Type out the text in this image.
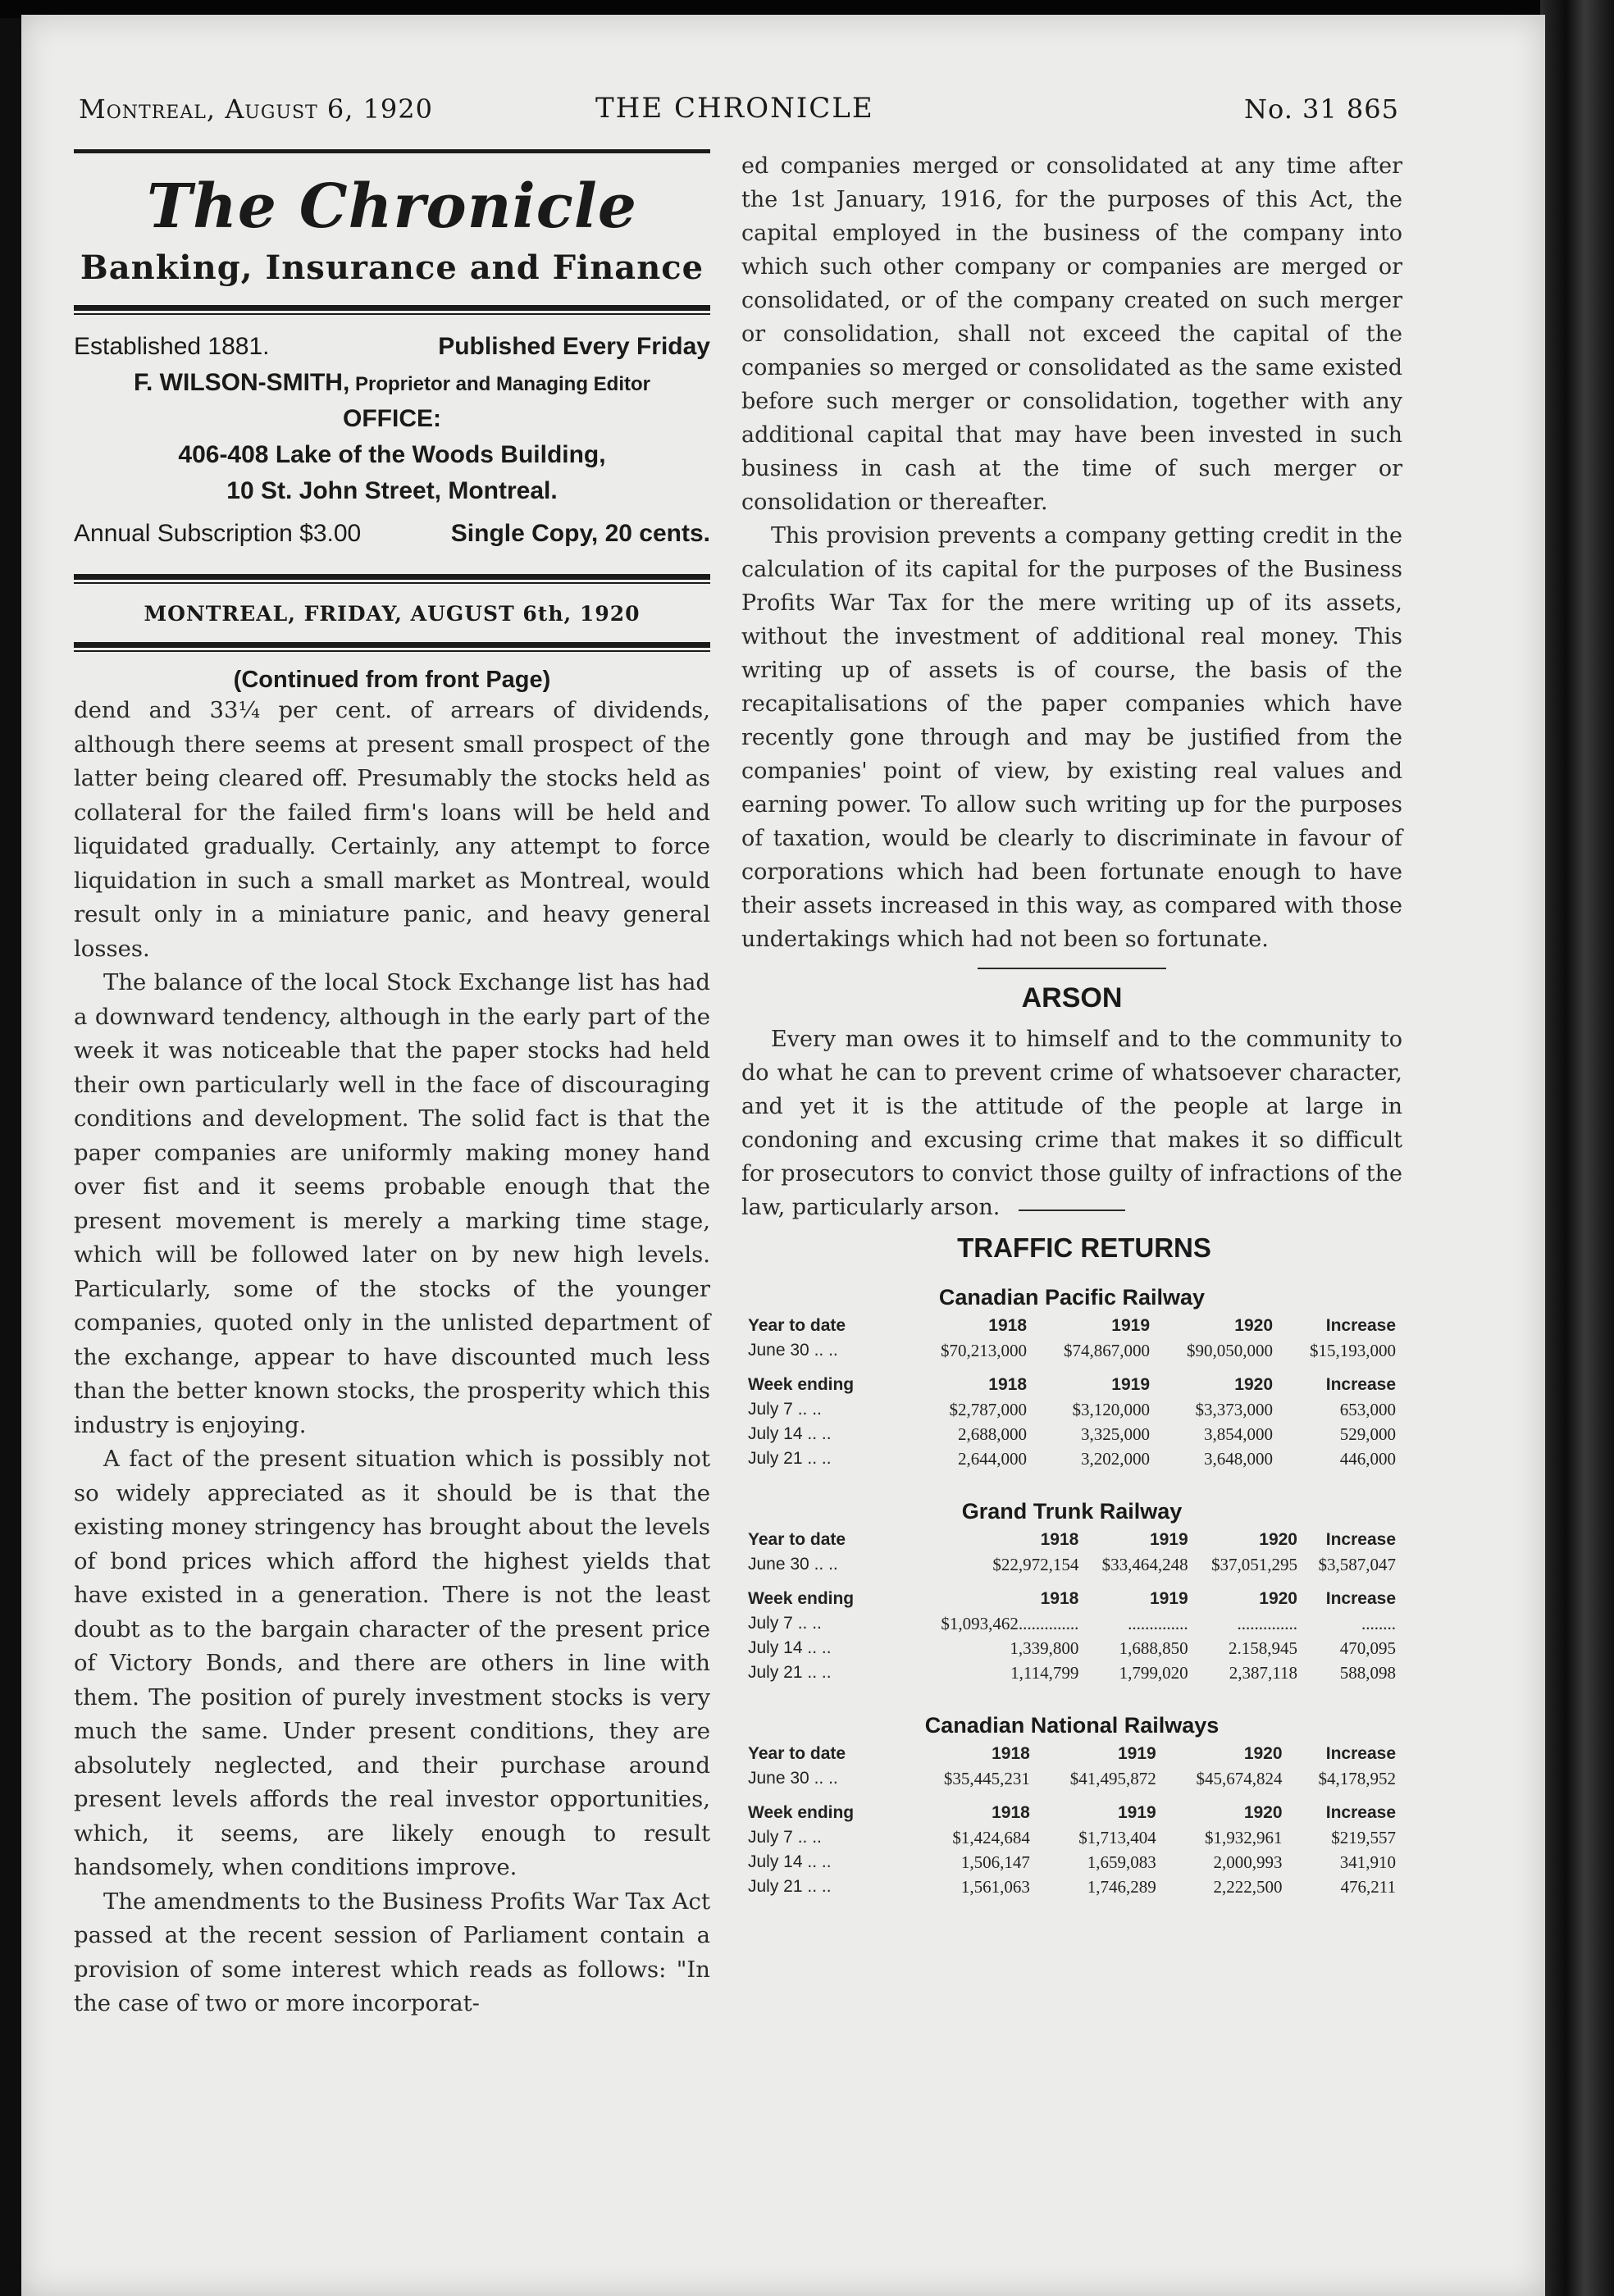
Montreal, August 6, 1920	THE CHRONICLE	No. 31 865
The Chronicle
Banking, Insurance and Finance
Established 1881.	Published Every Friday
F. WILSON-SMITH, Proprietor and Managing Editor
OFFICE:
406-408 Lake of the Woods Building,
10 St. John Street, Montreal.
Annual Subscription $3.00	Single Copy, 20 cents.
MONTREAL, FRIDAY, AUGUST 6th, 1920
(Continued from front Page)

dend and 33¼ per cent. of arrears of dividends, although there seems at present small prospect of the latter being cleared off. Presumably the stocks held as collateral for the failed firm's loans will be held and liquidated gradually. Certainly, any attempt to force liquidation in such a small market as Montreal, would result only in a miniature panic, and heavy general losses.

The balance of the local Stock Exchange list has had a downward tendency, although in the early part of the week it was noticeable that the paper stocks had held their own particularly well in the face of discouraging conditions and development. The solid fact is that the paper companies are uniformly making money hand over fist and it seems probable enough that the present movement is merely a marking time stage, which will be followed later on by new high levels. Particularly, some of the stocks of the younger companies, quoted only in the unlisted department of the exchange, appear to have discounted much less than the better known stocks, the prosperity which this industry is enjoying.

A fact of the present situation which is possibly not so widely appreciated as it should be is that the existing money stringency has brought about the levels of bond prices which afford the highest yields that have existed in a generation. There is not the least doubt as to the bargain character of the present price of Victory Bonds, and there are others in line with them. The position of purely investment stocks is very much the same. Under present conditions, they are absolutely neglected, and their purchase around present levels affords the real investor opportunities, which, it seems, are likely enough to result handsomely, when conditions improve.

The amendments to the Business Profits War Tax Act passed at the recent session of Parliament contain a provision of some interest which reads as follows: "In the case of two or more incorporat-

ed companies merged or consolidated at any time after the 1st January, 1916, for the purposes of this Act, the capital employed in the business of the company into which such other company or companies are merged or consolidated, or of the company created on such merger or consolidation, shall not exceed the capital of the companies so merged or consolidated as the same existed before such merger or consolidation, together with any additional capital that may have been invested in such business in cash at the time of such merger or consolidation or thereafter.

This provision prevents a company getting credit in the calculation of its capital for the purposes of the Business Profits War Tax for the mere writing up of its assets, without the investment of additional real money. This writing up of assets is of course, the basis of the recapitalisations of the paper companies which have recently gone through and may be justified from the companies' point of view, by existing real values and earning power. To allow such writing up for the purposes of taxation, would be clearly to discriminate in favour of corporations which had been fortunate enough to have their assets increased in this way, as compared with those undertakings which had not been so fortunate.

ARSON

Every man owes it to himself and to the community to do what he can to prevent crime of whatsoever character, and yet it is the attitude of the people at large in condoning and excusing crime that makes it so difficult for prosecutors to convict those guilty of infractions of the law, particularly arson.

TRAFFIC RETURNS
Canadian Pacific Railway
Year to date	1918	1919	1920	Increase
June 30 .. ..	$70,213,000	$74,867,000	$90,050,000	$15,193,000

Week ending	1918	1919	1920	Increase
July 7 .. ..	$2,787,000	$3,120,000	$3,373,000	653,000
July 14 .. ..	2,688,000	3,325,000	3,854,000	529,000
July 21 .. ..	2,644,000	3,202,000	3,648,000	446,000
Grand Trunk Railway
Year to date	1918	1919	1920	Increase
June 30 .. ..	$22,972,154	$33,464,248	$37,051,295	$3,587,047

Week ending	1918	1919	1920	Increase
July 7 .. ..	$1,093,462..............	..............	..............	........
July 14 .. ..	1,339,800	1,688,850	2.158,945	470,095
July 21 .. ..	1,114,799	1,799,020	2,387,118	588,098
Canadian National Railways
Year to date	1918	1919	1920	Increase
June 30 .. ..	$35,445,231	$41,495,872	$45,674,824	$4,178,952

Week ending	1918	1919	1920	Increase
July 7 .. ..	$1,424,684	$1,713,404	$1,932,961	$219,557
July 14 .. ..	1,506,147	1,659,083	2,000,993	341,910
July 21 .. ..	1,561,063	1,746,289	2,222,500	476,211
